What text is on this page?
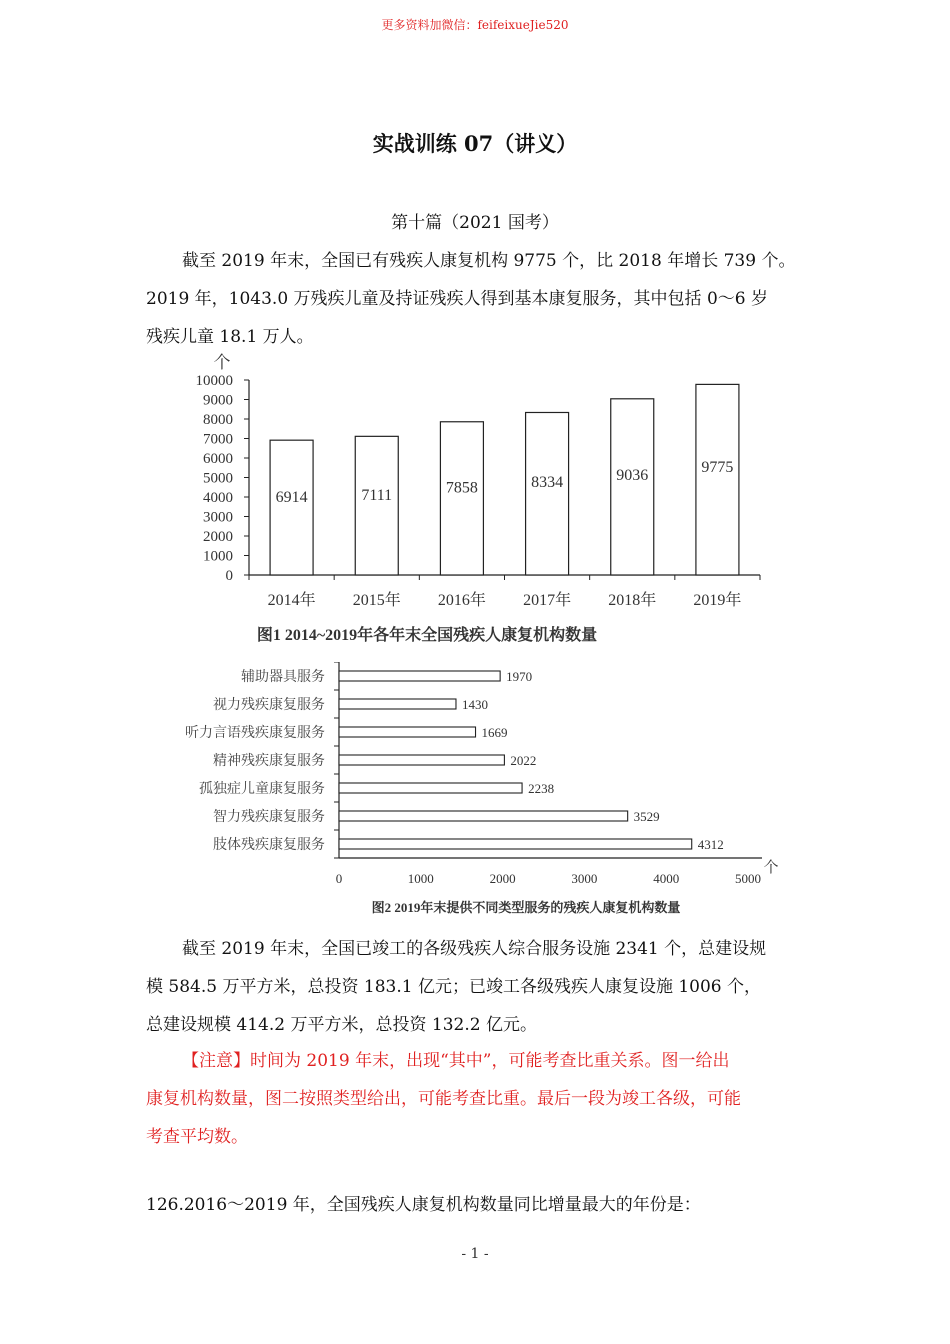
更多资料加微信：feifeixueJie520
实战训练 07（讲义）
第十篇（2021 国考）
截至 2019 年末，全国已有残疾人康复机构 9775 个，比 2018 年增长 739 个。
2019 年，1043.0 万残疾儿童及持证残疾人得到基本康复服务，其中包括 0～6 岁
残疾儿童 18.1 万人。
个
0
1000
2000
3000
4000
5000
6000
7000
8000
9000
10000
2014年 2015年 2016年 2017年 2018年 2019年
6914	7111	7858	8334	9036	9775
图1 2014~2019年各年末全国残疾人康复机构数量
个
0	1000	2000	3000	4000	5000
辅助器具服务
视力残疾康复服务
听力言语残疾康复服务
精神残疾康复服务
孤独症儿童康复服务
智力残疾康复服务
肢体残疾康复服务
1970
1430
1669
2022
2238
3529
4312
图2 2019年末提供不同类型服务的残疾人康复机构数量
截至 2019 年末，全国已竣工的各级残疾人综合服务设施 2341 个，总建设规
模 584.5 万平方米，总投资 183.1 亿元；已竣工各级残疾人康复设施 1006 个，
总建设规模 414.2 万平方米，总投资 132.2 亿元。
【注意】时间为 2019 年末，出现“其中”，可能考查比重关系。图一给出
康复机构数量，图二按照类型给出，可能考查比重。最后一段为竣工各级，可能
考查平均数。
126.2016～2019 年，全国残疾人康复机构数量同比增量最大的年份是：
- 1 -
